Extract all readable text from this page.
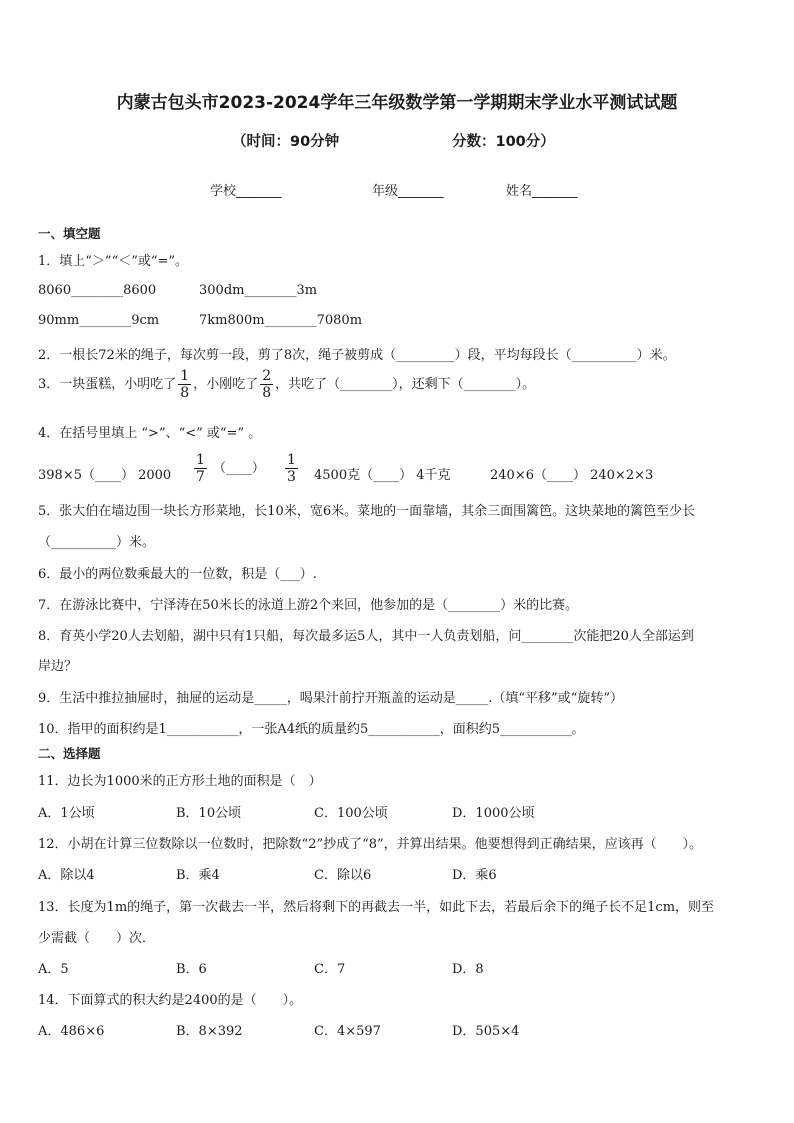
内蒙古包头市2023-2024学年三年级数学第一学期期末学业水平测试试题
（时间：90分钟	分数：100分）
学校_______	年级_______	姓名_______
一、填空题
1．填上“＞”“＜”或“=”。
8060________8600	300dm________3m
90mm________9cm	7km800m________7080m
2．一根长72米的绳子，每次剪一段，剪了8次，绳子被剪成（_________）段，平均每段长（__________）米。
3．一块蛋糕，小明吃了 $\frac{1}{8}$ ，小刚吃了 $\frac{2}{8}$ ，共吃了（________），还剩下（________）。
4．在括号里填上 “>”、“<” 或“=” 。
398×5（____） $2000 \frac{1}{7}$ （____） $\frac{1}{3} 4500$克（____） 4千克	240×6（____） 240×2×3
5．张大伯在墙边围一块长方形菜地，长10米，宽6米。菜地的一面靠墙，其余三面围篱笆。这块菜地的篱笆至少长
（__________）米。
6．最小的两位数乘最大的一位数，积是（___）.
7．在游泳比赛中，宁泽涛在50米长的泳道上游2个来回，他参加的是（________）米的比赛。
8．育英小学20人去划船，湖中只有1只船，每次最多运5人，其中一人负责划船，问________次能把20人全部运到
岸边？
9．生活中推拉抽屉时，抽屉的运动是_____，喝果汁前拧开瓶盖的运动是_____.（填“平移”或“旋转”）
10．指甲的面积约是1___________，一张A4纸的质量约5___________，面积约5___________。
二、选择题
11．边长为1000米的正方形土地的面积是（　）
A．1公顷	B．10公顷	C．100公顷	D．1000公顷
12．小胡在计算三位数除以一位数时，把除数“2”抄成了“8”，并算出结果。他要想得到正确结果，应该再（　　）。
A．除以4	B．乘4	C．除以6	D．乘6
13．长度为1m的绳子，第一次截去一半，然后将剩下的再截去一半，如此下去，若最后余下的绳子长不足1cm，则至
少需截（　　）次．
A．5	B．6	C．7	D．8
14．下面算式的积大约是2400的是（　　）。
A．486×6	B．8×392	C．4×597	D．505×4
